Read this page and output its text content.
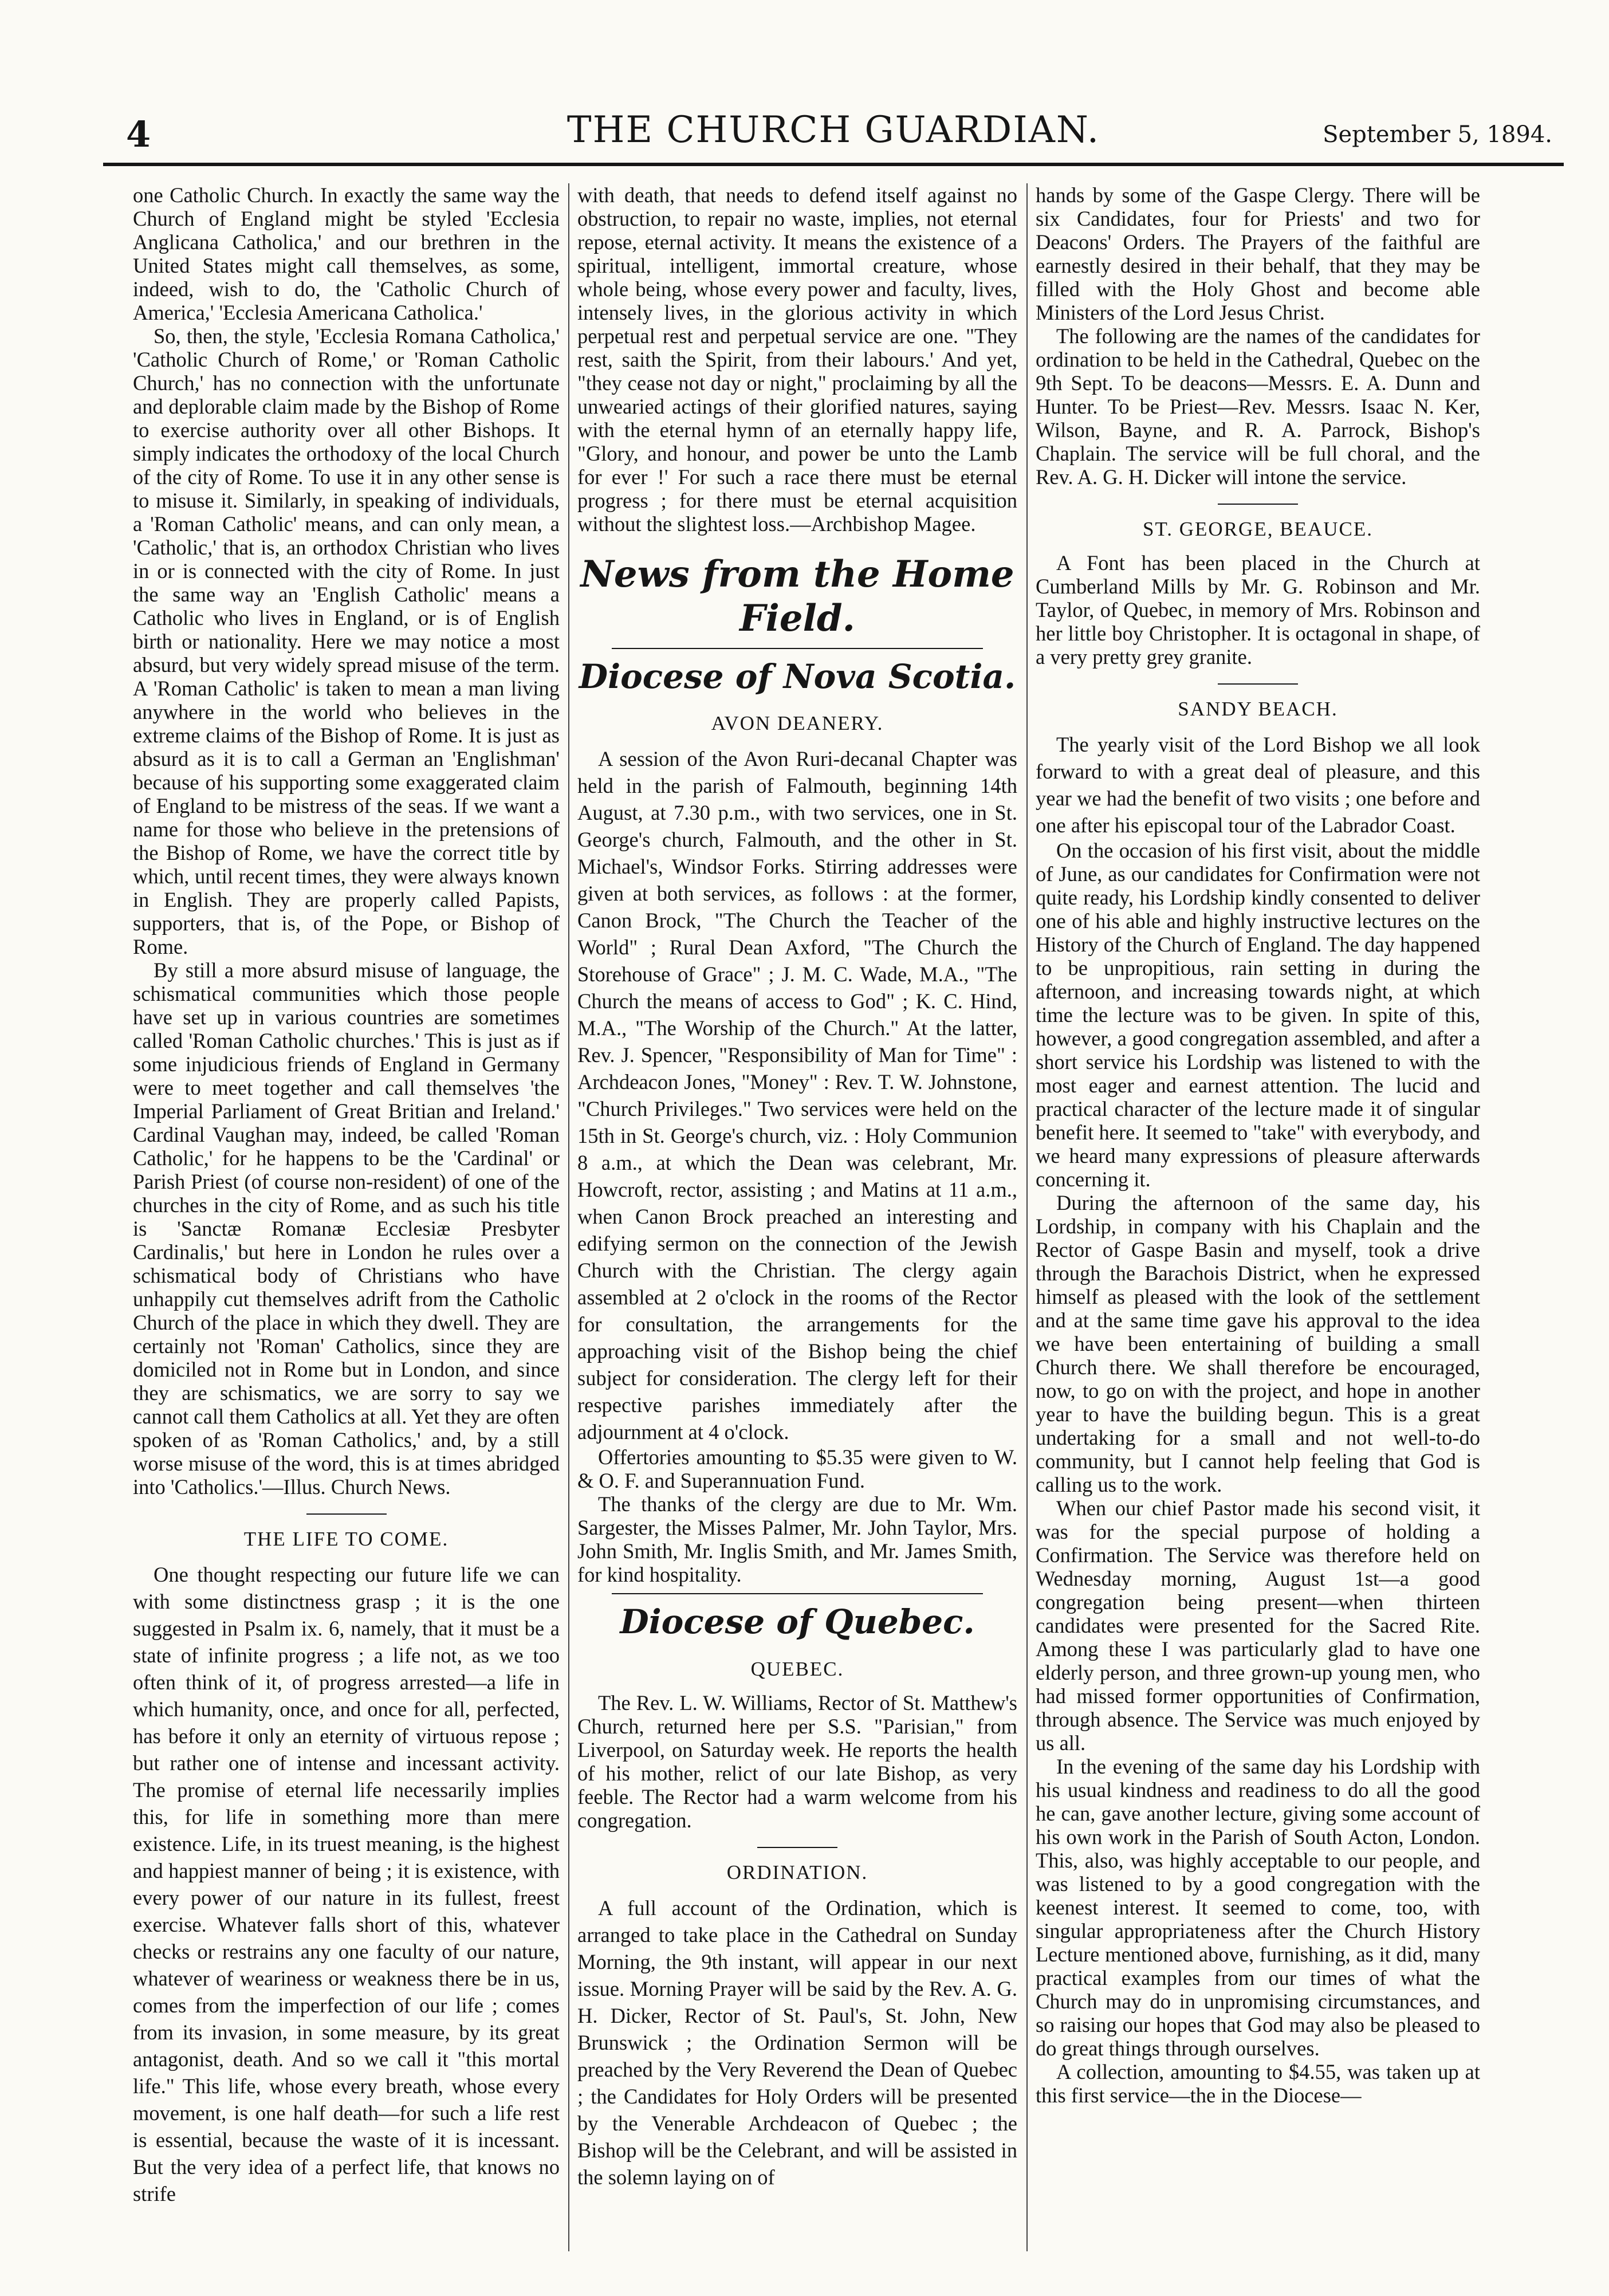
4	THE CHURCH GUARDIAN.	September 5, 1894.

one Catholic Church. In exactly the same way the Church of England might be styled 'Ecclesia Anglicana Catholica,' and our brethren in the United States might call themselves, as some, indeed, wish to do, the 'Catholic Church of America,' 'Ecclesia Americana Catholica.'

So, then, the style, 'Ecclesia Romana Catholica,' 'Catholic Church of Rome,' or 'Roman Catholic Church,' has no connection with the unfortunate and deplorable claim made by the Bishop of Rome to exercise authority over all other Bishops. It simply indicates the orthodoxy of the local Church of the city of Rome. To use it in any other sense is to misuse it. Similarly, in speaking of individuals, a 'Roman Catholic' means, and can only mean, a 'Catholic,' that is, an orthodox Christian who lives in or is connected with the city of Rome. In just the same way an 'English Catholic' means a Catholic who lives in England, or is of English birth or nationality. Here we may notice a most absurd, but very widely spread misuse of the term. A 'Roman Catholic' is taken to mean a man living anywhere in the world who believes in the extreme claims of the Bishop of Rome. It is just as absurd as it is to call a German an 'Englishman' because of his supporting some exaggerated claim of England to be mistress of the seas. If we want a name for those who believe in the pretensions of the Bishop of Rome, we have the correct title by which, until recent times, they were always known in English. They are properly called Papists, supporters, that is, of the Pope, or Bishop of Rome.

By still a more absurd misuse of language, the schismatical communities which those people have set up in various countries are sometimes called 'Roman Catholic churches.' This is just as if some injudicious friends of England in Germany were to meet together and call themselves 'the Imperial Parliament of Great Britian and Ireland.' Cardinal Vaughan may, indeed, be called 'Roman Catholic,' for he happens to be the 'Cardinal' or Parish Priest (of course non-resident) of one of the churches in the city of Rome, and as such his title is 'Sanctæ Romanæ Ecclesiæ Presbyter Cardinalis,' but here in London he rules over a schismatical body of Christians who have unhappily cut themselves adrift from the Catholic Church of the place in which they dwell. They are certainly not 'Roman' Catholics, since they are domiciled not in Rome but in London, and since they are schismatics, we are sorry to say we cannot call them Catholics at all. Yet they are often spoken of as 'Roman Catholics,' and, by a still worse misuse of the word, this is at times abridged into 'Catholics.'—Illus. Church News.

THE LIFE TO COME.

One thought respecting our future life we can with some distinctness grasp ; it is the one suggested in Psalm ix. 6, namely, that it must be a state of infinite progress ; a life not, as we too often think of it, of progress arrested—a life in which humanity, once, and once for all, perfected, has before it only an eternity of virtuous repose ; but rather one of intense and incessant activity. The promise of eternal life necessarily implies this, for life in something more than mere existence. Life, in its truest meaning, is the highest and happiest manner of being ; it is existence, with every power of our nature in its fullest, freest exercise. Whatever falls short of this, whatever checks or restrains any one faculty of our nature, whatever of weariness or weakness there be in us, comes from the imperfection of our life ; comes from its invasion, in some measure, by its great antagonist, death. And so we call it "this mortal life." This life, whose every breath, whose every movement, is one half death—for such a life rest is essential, because the waste of it is incessant. But the very idea of a perfect life, that knows no strife

with death, that needs to defend itself against no obstruction, to repair no waste, implies, not eternal repose, eternal activity. It means the existence of a spiritual, intelligent, immortal creature, whose whole being, whose every power and faculty, lives, intensely lives, in the glorious activity in which perpetual rest and perpetual service are one. "They rest, saith the Spirit, from their labours.' And yet, "they cease not day or night," proclaiming by all the unwearied actings of their glorified natures, saying with the eternal hymn of an eternally happy life, "Glory, and honour, and power be unto the Lamb for ever !' For such a race there must be eternal progress ; for there must be eternal acquisition without the slightest loss.—Archbishop Magee.

News from the Home Field.
Diocese of Nova Scotia.

AVON DEANERY.

A session of the Avon Ruri-decanal Chapter was held in the parish of Falmouth, beginning 14th August, at 7.30 p.m., with two services, one in St. George's church, Falmouth, and the other in St. Michael's, Windsor Forks. Stirring addresses were given at both services, as follows : at the former, Canon Brock, "The Church the Teacher of the World" ; Rural Dean Axford, "The Church the Storehouse of Grace" ; J. M. C. Wade, M.A., "The Church the means of access to God" ; K. C. Hind, M.A., "The Worship of the Church." At the latter, Rev. J. Spencer, "Responsibility of Man for Time" : Archdeacon Jones, "Money" : Rev. T. W. Johnstone, "Church Privileges." Two services were held on the 15th in St. George's church, viz. : Holy Communion 8 a.m., at which the Dean was celebrant, Mr. Howcroft, rector, assisting ; and Matins at 11 a.m., when Canon Brock preached an interesting and edifying sermon on the connection of the Jewish Church with the Christian. The clergy again assembled at 2 o'clock in the rooms of the Rector for consultation, the arrangements for the approaching visit of the Bishop being the chief subject for consideration. The clergy left for their respective parishes immediately after the adjournment at 4 o'clock.

Offertories amounting to $5.35 were given to W. & O. F. and Superannuation Fund.

The thanks of the clergy are due to Mr. Wm. Sargester, the Misses Palmer, Mr. John Taylor, Mrs. John Smith, Mr. Inglis Smith, and Mr. James Smith, for kind hospitality.

Diocese of Quebec.

QUEBEC.

The Rev. L. W. Williams, Rector of St. Matthew's Church, returned here per S.S. "Parisian," from Liverpool, on Saturday week. He reports the health of his mother, relict of our late Bishop, as very feeble. The Rector had a warm welcome from his congregation.

ORDINATION.

A full account of the Ordination, which is arranged to take place in the Cathedral on Sunday Morning, the 9th instant, will appear in our next issue. Morning Prayer will be said by the Rev. A. G. H. Dicker, Rector of St. Paul's, St. John, New Brunswick ; the Ordination Sermon will be preached by the Very Reverend the Dean of Quebec ; the Candidates for Holy Orders will be presented by the Venerable Archdeacon of Quebec ; the Bishop will be the Celebrant, and will be assisted in the solemn laying on of

hands by some of the Gaspe Clergy. There will be six Candidates, four for Priests' and two for Deacons' Orders. The Prayers of the faithful are earnestly desired in their behalf, that they may be filled with the Holy Ghost and become able Ministers of the Lord Jesus Christ.

The following are the names of the candidates for ordination to be held in the Cathedral, Quebec on the 9th Sept. To be deacons—Messrs. E. A. Dunn and Hunter. To be Priest—Rev. Messrs. Isaac N. Ker, Wilson, Bayne, and R. A. Parrock, Bishop's Chaplain. The service will be full choral, and the Rev. A. G. H. Dicker will intone the service.

ST. GEORGE, BEAUCE.

A Font has been placed in the Church at Cumberland Mills by Mr. G. Robinson and Mr. Taylor, of Quebec, in memory of Mrs. Robinson and her little boy Christopher. It is octagonal in shape, of a very pretty grey granite.

SANDY BEACH.

The yearly visit of the Lord Bishop we all look forward to with a great deal of pleasure, and this year we had the benefit of two visits ; one before and one after his episcopal tour of the Labrador Coast.

On the occasion of his first visit, about the middle of June, as our candidates for Confirmation were not quite ready, his Lordship kindly consented to deliver one of his able and highly instructive lectures on the History of the Church of England. The day happened to be unpropitious, rain setting in during the afternoon, and increasing towards night, at which time the lecture was to be given. In spite of this, however, a good congregation assembled, and after a short service his Lordship was listened to with the most eager and earnest attention. The lucid and practical character of the lecture made it of singular benefit here. It seemed to "take" with everybody, and we heard many expressions of pleasure afterwards concerning it.

During the afternoon of the same day, his Lordship, in company with his Chaplain and the Rector of Gaspe Basin and myself, took a drive through the Barachois District, when he expressed himself as pleased with the look of the settlement and at the same time gave his approval to the idea we have been entertaining of building a small Church there. We shall therefore be encouraged, now, to go on with the project, and hope in another year to have the building begun. This is a great undertaking for a small and not well-to-do community, but I cannot help feeling that God is calling us to the work.

When our chief Pastor made his second visit, it was for the special purpose of holding a Confirmation. The Service was therefore held on Wednesday morning, August 1st—a good congregation being present—when thirteen candidates were presented for the Sacred Rite. Among these I was particularly glad to have one elderly person, and three grown-up young men, who had missed former opportunities of Confirmation, through absence. The Service was much enjoyed by us all.

In the evening of the same day his Lordship with his usual kindness and readiness to do all the good he can, gave another lecture, giving some account of his own work in the Parish of South Acton, London. This, also, was highly acceptable to our people, and was listened to by a good congregation with the keenest interest. It seemed to come, too, with singular appropriateness after the Church History Lecture mentioned above, furnishing, as it did, many practical examples from our times of what the Church may do in unpromising circumstances, and so raising our hopes that God may also be pleased to do great things through ourselves.

A collection, amounting to $4.55, was taken up at this first service—the in the Diocese—
